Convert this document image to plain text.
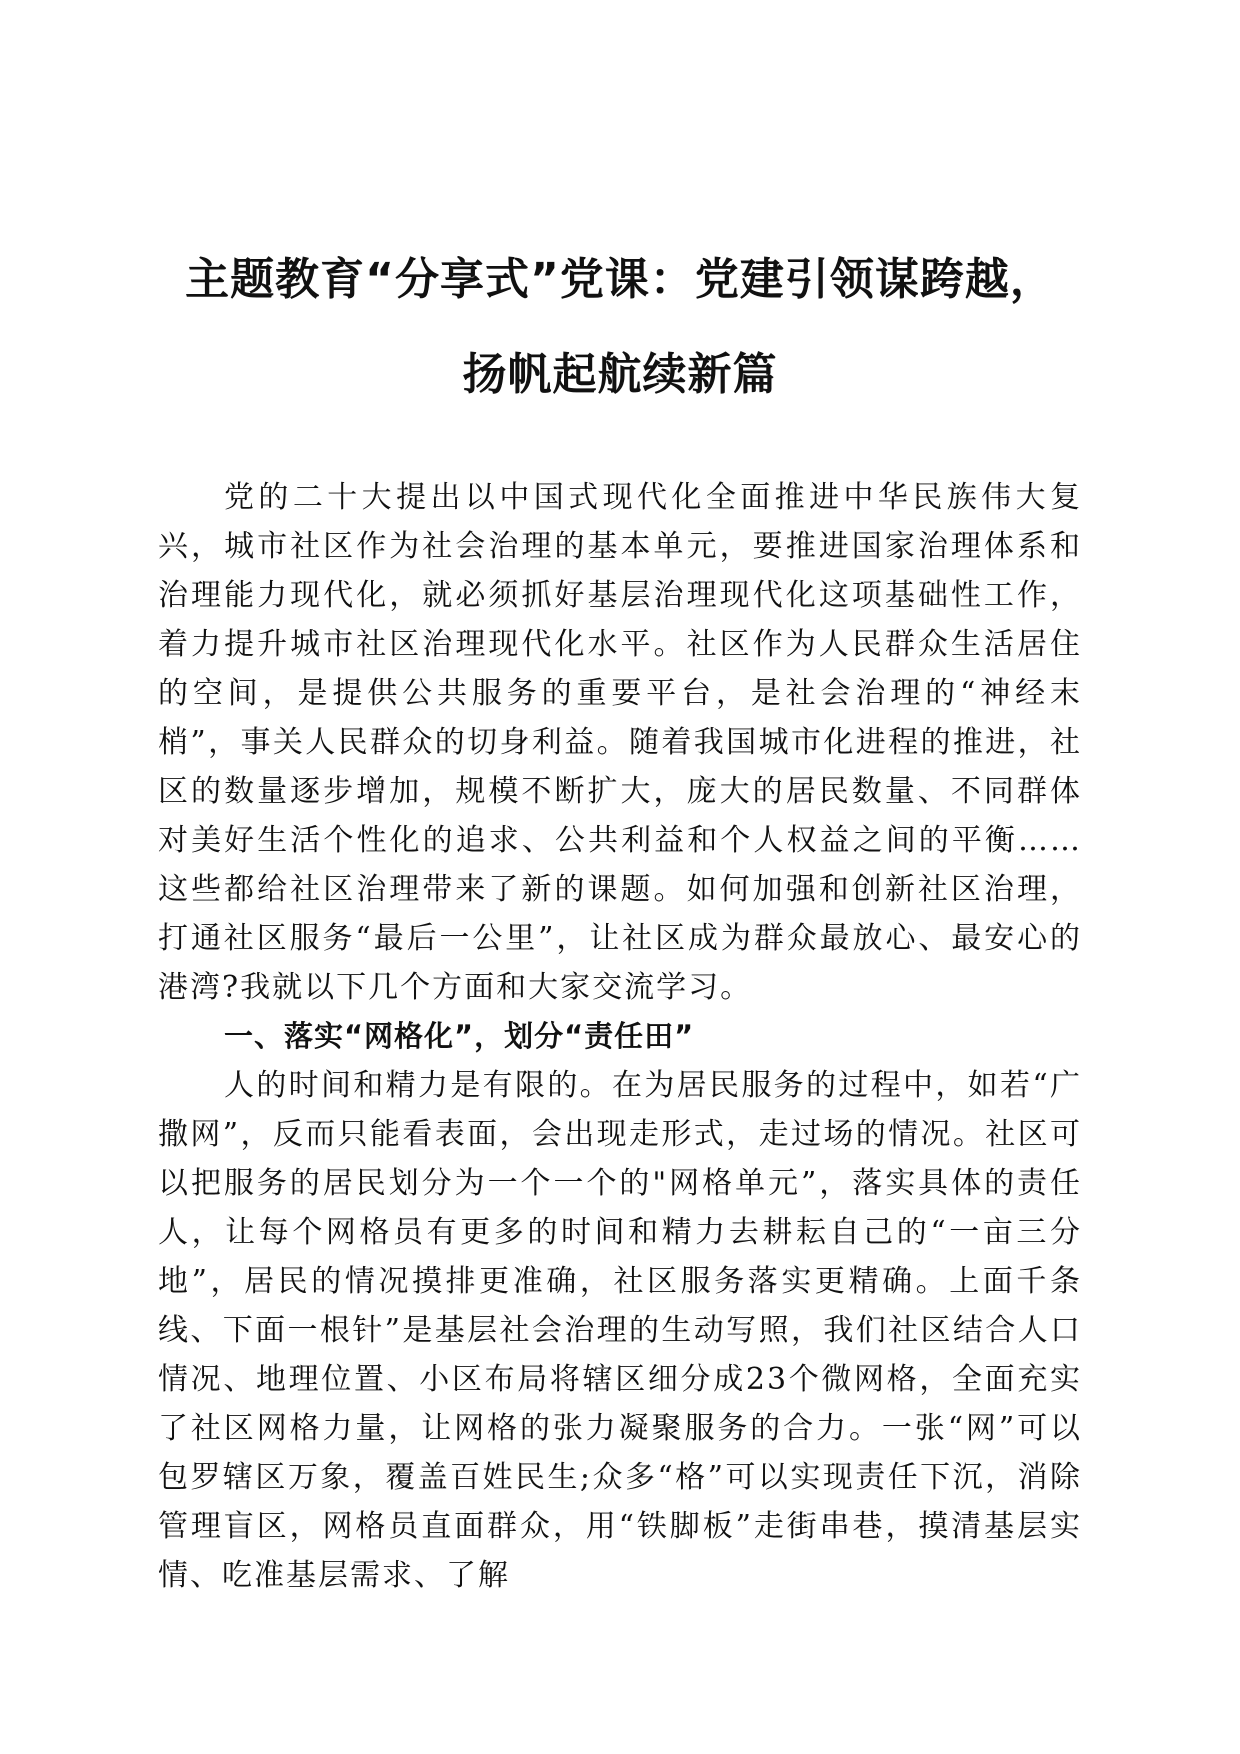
主题教育“分享式”党课：党建引领谋跨越，
扬帆起航续新篇

党的二十大提出以中国式现代化全面推进中华民族伟大复兴，城市社区作为社会治理的基本单元，要推进国家治理体系和治理能力现代化，就必须抓好基层治理现代化这项基础性工作，着力提升城市社区治理现代化水平。社区作为人民群众生活居住的空间，是提供公共服务的重要平台，是社会治理的“神经末梢”，事关人民群众的切身利益。随着我国城市化进程的推进，社区的数量逐步增加，规模不断扩大，庞大的居民数量、不同群体对美好生活个性化的追求、公共利益和个人权益之间的平衡……这些都给社区治理带来了新的课题。如何加强和创新社区治理，打通社区服务“最后一公里”，让社区成为群众最放心、最安心的港湾?我就以下几个方面和大家交流学习。

一、落实“网格化”，划分“责任田”

人的时间和精力是有限的。在为居民服务的过程中，如若“广撒网”，反而只能看表面，会出现走形式，走过场的情况。社区可以把服务的居民划分为一个一个的"网格单元”，落实具体的责任人，让每个网格员有更多的时间和精力去耕耘自己的“一亩三分地”，居民的情况摸排更准确，社区服务落实更精确。上面千条线、下面一根针”是基层社会治理的生动写照，我们社区结合人口情况、地理位置、小区布局将辖区细分成23个微网格，全面充实了社区网格力量，让网格的张力凝聚服务的合力。一张“网”可以包罗辖区万象，覆盖百姓民生;众多“格”可以实现责任下沉，消除管理盲区，网格员直面群众，用“铁脚板”走街串巷，摸清基层实情、吃准基层需求、了解
